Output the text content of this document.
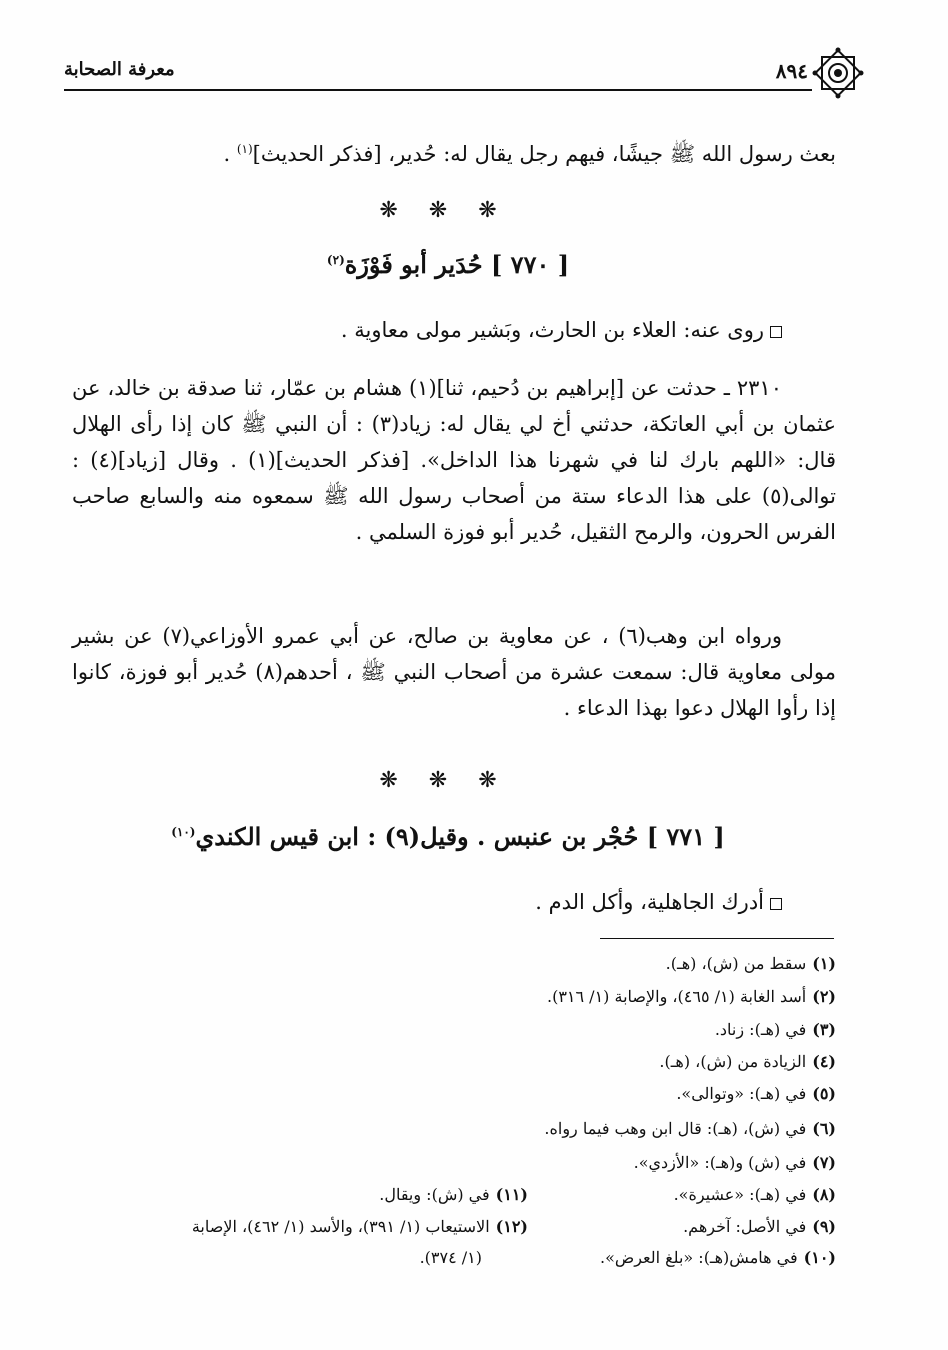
معرفة الصحابة	٨٩٤

بعث رسول الله ﷺ جيشًا، فيهم رجل يقال له: حُدير، [فذكر الحديث]$^{(١)}$ .

❋ ❋ ❋
[ ٧٧٠ ] حُدَير أبو فَوْزَة$^{(٢)}$

روى عنه: العلاء بن الحارث، وبَشير مولى معاوية .

٢٣١٠ ـ حدثت عن [إبراهيم بن دُحيم، ثنا](١) هشام بن عمّار، ثنا صدقة بن خالد، عن عثمان بن أبي العاتكة، حدثني أخ لي يقال له: زياد(٣) : أن النبي ﷺ كان إذا رأى الهلال قال: «اللهم بارك لنا في شهرنا هذا الداخل». [فذكر الحديث](١) . وقال [زياد](٤) : توالى(٥) على هذا الدعاء ستة من أصحاب رسول الله ﷺ سمعوه منه والسابع صاحب الفرس الحرون، والرمح الثقيل، حُدير أبو فوزة السلمي .

ورواه ابن وهب(٦) ، عن معاوية بن صالح، عن أبي عمرو الأوزاعي(٧) عن بشير مولى معاوية قال: سمعت عشرة من أصحاب النبي ﷺ ، أحدهم(٨) حُدير أبو فوزة، كانوا إذا رأوا الهلال دعوا بهذا الدعاء .

❋ ❋ ❋
[ ٧٧١ ] حُجْر بن عنبس . وقيل(٩) : ابن قيس الكندي$^{(١٠)}$

أدرك الجاهلية، وأكل الدم .

(١)سقط من (ش)، (هـ).
(٢)أسد الغابة (١/ ٤٦٥)، والإصابة (١/ ٣١٦).
(٣)في (هـ): زناد.
(٤)الزيادة من (ش)، (هـ).
(٥)في (هـ): «وتوالى».
(٦)في (ش)، (هـ): قال ابن وهب فيما رواه.
(٧)في (ش) و(هـ): «الأزدي».
(٨)في (هـ): «عشيرة».
(٩)في الأصل: آخرهم.
(١٠)في هامش(هـ): «بلغ العرض».
(١١)في (ش): ويقال.
(١٢)الاستيعاب (١/ ٣٩١)، والأسد (١/ ٤٦٢)، الإصابة
(١/ ٣٧٤).
